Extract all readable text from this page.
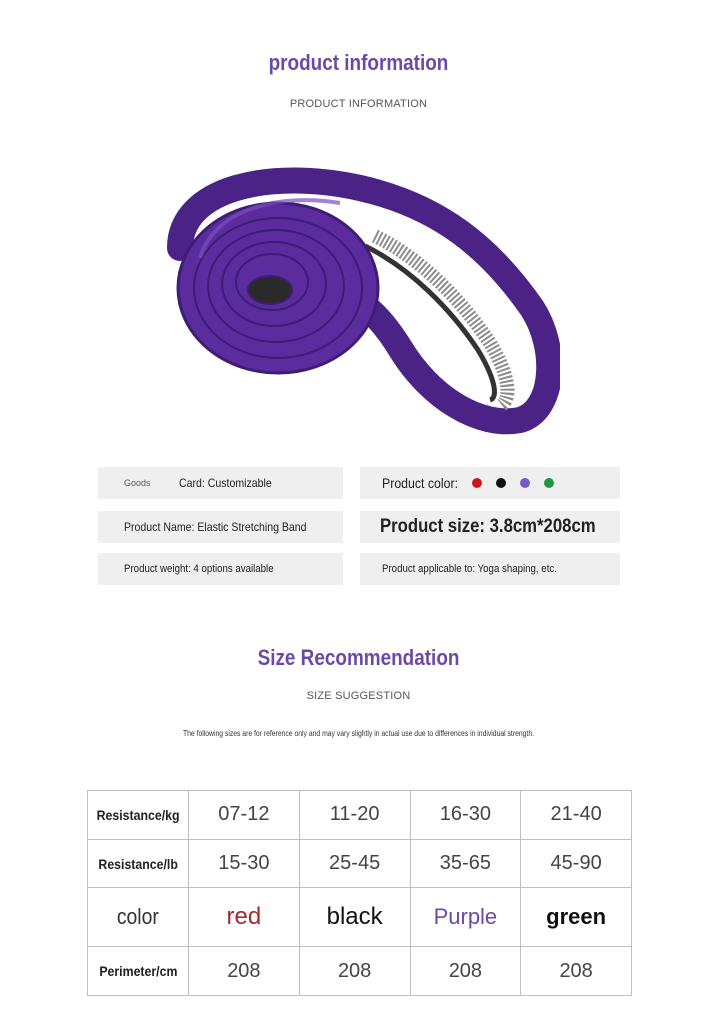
product information
PRODUCT INFORMATION
Goods Card: Customizable	Product color:
Product Name: Elastic Stretching Band	Product size: 3.8cm*208cm
Product weight: 4 options available	Product applicable to: Yoga shaping, etc.
Size Recommendation
SIZE SUGGESTION
The following sizes are for reference only and may vary slightly in actual use due to differences in individual strength.
Resistance/kg	07-12	11-20	16-30	21-40
Resistance/lb	15-30	25-45	35-65	45-90
color	red	black	Purple	green
Perimeter/cm	208	208	208	208
